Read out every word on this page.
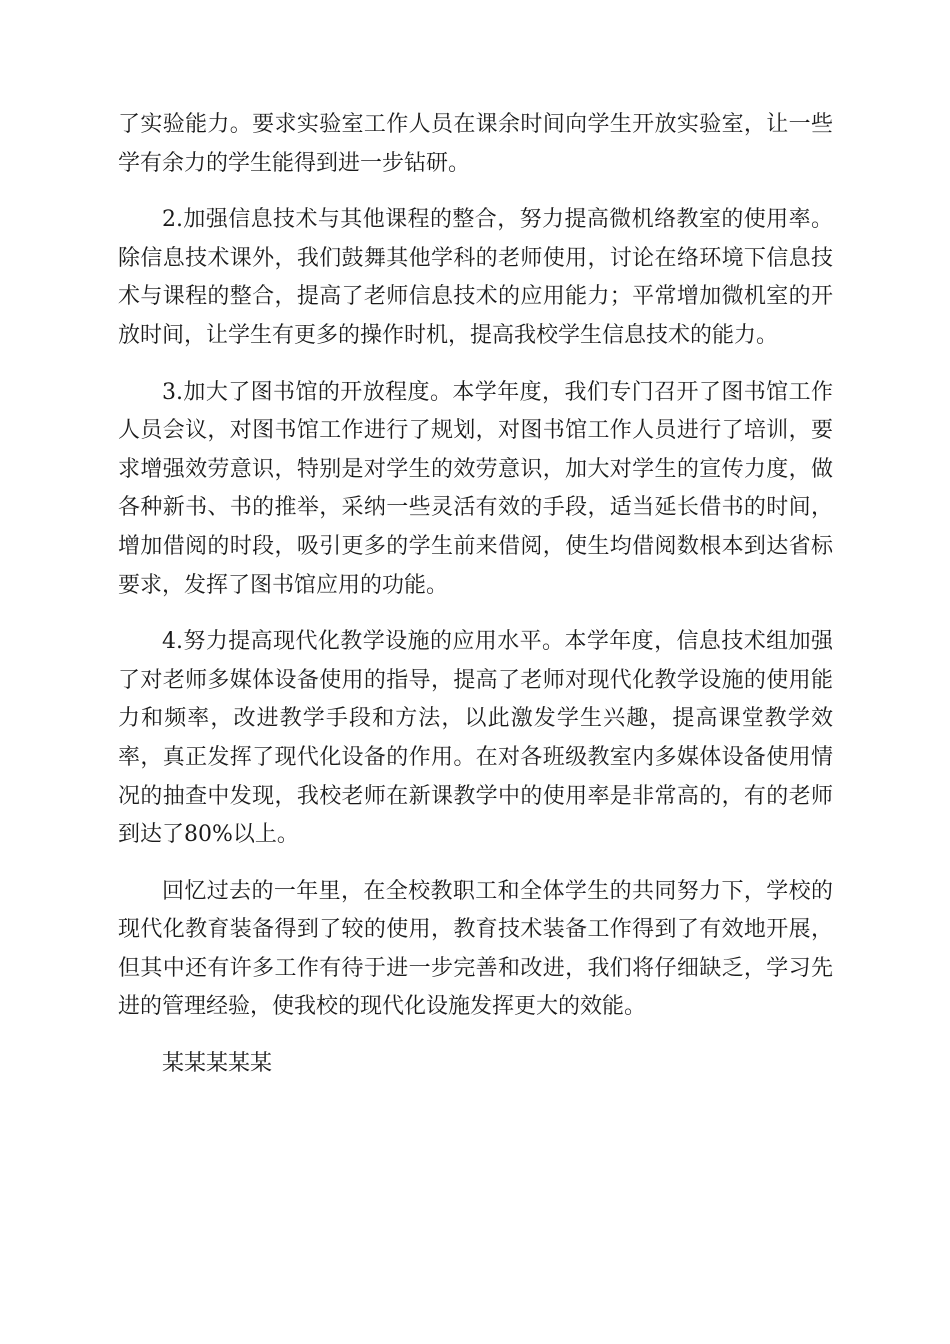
了实验能力。要求实验室工作人员在课余时间向学生开放实验室，让一些学有余力的学生能得到进一步钻研。

2.加强信息技术与其他课程的整合，努力提高微机络教室的使用率。除信息技术课外，我们鼓舞其他学科的老师使用，讨论在络环境下信息技术与课程的整合，提高了老师信息技术的应用能力；平常增加微机室的开放时间，让学生有更多的操作时机，提高我校学生信息技术的能力。

3.加大了图书馆的开放程度。本学年度，我们专门召开了图书馆工作人员会议，对图书馆工作进行了规划，对图书馆工作人员进行了培训，要求增强效劳意识，特别是对学生的效劳意识，加大对学生的宣传力度，做各种新书、书的推举，采纳一些灵活有效的手段，适当延长借书的时间，增加借阅的时段，吸引更多的学生前来借阅，使生均借阅数根本到达省标要求，发挥了图书馆应用的功能。

4.努力提高现代化教学设施的应用水平。本学年度，信息技术组加强了对老师多媒体设备使用的指导，提高了老师对现代化教学设施的使用能力和频率，改进教学手段和方法，以此激发学生兴趣，提高课堂教学效率，真正发挥了现代化设备的作用。在对各班级教室内多媒体设备使用情况的抽查中发现，我校老师在新课教学中的使用率是非常高的，有的老师到达了80%以上。

回忆过去的一年里，在全校教职工和全体学生的共同努力下，学校的现代化教育装备得到了较的使用，教育技术装备工作得到了有效地开展，但其中还有许多工作有待于进一步完善和改进，我们将仔细缺乏，学习先进的管理经验，使我校的现代化设施发挥更大的效能。

某某某某某
